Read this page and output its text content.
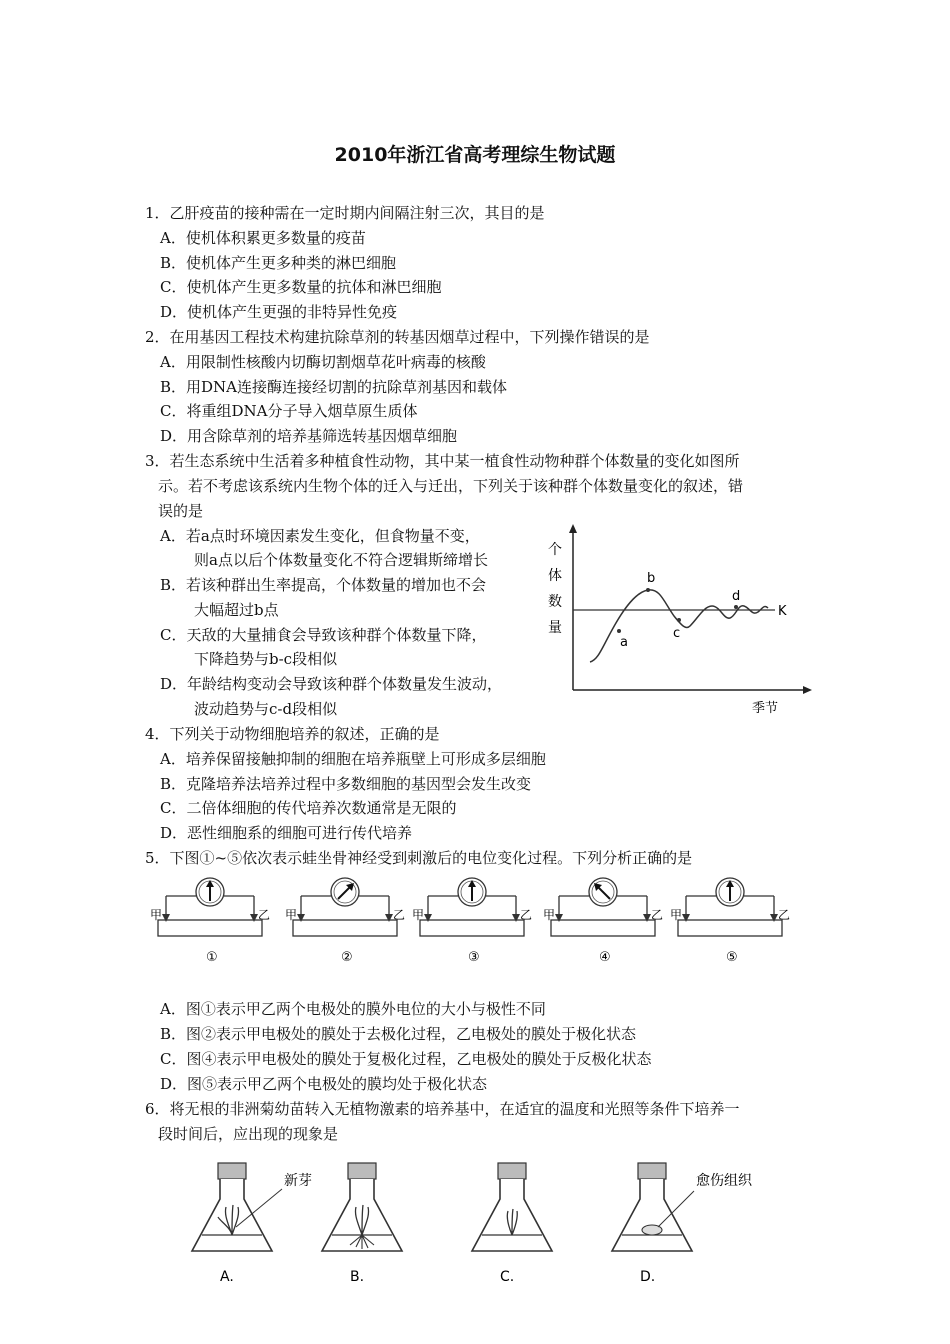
2010年浙江省高考理综生物试题
1．乙肝疫苗的接种需在一定时期内间隔注射三次，其目的是
A．使机体积累更多数量的疫苗
B．使机体产生更多种类的淋巴细胞
C．使机体产生更多数量的抗体和淋巴细胞
D．使机体产生更强的非特异性免疫
2．在用基因工程技术构建抗除草剂的转基因烟草过程中，下列操作错误的是
A．用限制性核酸内切酶切割烟草花叶病毒的核酸
B．用DNA连接酶连接经切割的抗除草剂基因和载体
C．将重组DNA分子导入烟草原生质体
D．用含除草剂的培养基筛选转基因烟草细胞
3．若生态系统中生活着多种植食性动物，其中某一植食性动物种群个体数量的变化如图所
示。若不考虑该系统内生物个体的迁入与迁出，下列关于该种群个体数量变化的叙述，错
误的是
A．若a点时环境因素发生变化，但食物量不变，
则a点以后个体数量变化不符合逻辑斯缔增长
B．若该种群出生率提高，个体数量的增加也不会
大幅超过b点
C．天敌的大量捕食会导致该种群个体数量下降，
下降趋势与b-c段相似
D．年龄结构变动会导致该种群个体数量发生波动，
波动趋势与c-d段相似
个
体
数
量
K
a
b
c
d
季节
4．下列关于动物细胞培养的叙述，正确的是
A．培养保留接触抑制的细胞在培养瓶壁上可形成多层细胞
B．克隆培养法培养过程中多数细胞的基因型会发生改变
C．二倍体细胞的传代培养次数通常是无限的
D．恶性细胞系的细胞可进行传代培养
5．下图①~⑤依次表示蛙坐骨神经受到刺激后的电位变化过程。下列分析正确的是
甲	乙
①
甲	乙
②
甲	乙
③
甲	乙
④
甲	乙
⑤
A．图①表示甲乙两个电极处的膜外电位的大小与极性不同
B．图②表示甲电极处的膜处于去极化过程，乙电极处的膜处于极化状态
C．图④表示甲电极处的膜处于复极化过程，乙电极处的膜处于反极化状态
D．图⑤表示甲乙两个电极处的膜均处于极化状态
6．将无根的非洲菊幼苗转入无植物激素的培养基中，在适宜的温度和光照等条件下培养一
段时间后，应出现的现象是
新芽
A.	B.	C.
愈伤组织
D.
